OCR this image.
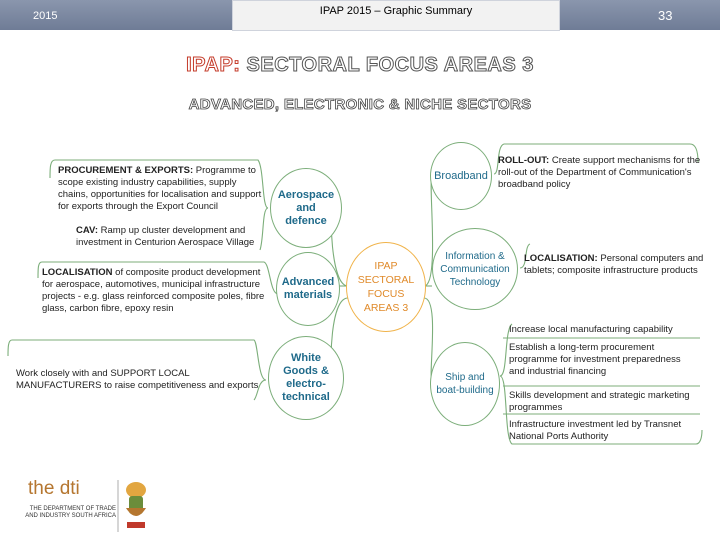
2015	IPAP 2015 – Graphic Summary	33
IPAP: SECTORAL FOCUS AREAS 3
ADVANCED, ELECTRONIC & NICHE SECTORS
Aerospace
and
defence
Advanced
materials
White
Goods &
electro-
technical
IPAP
SECTORAL
FOCUS
AREAS 3
Broadband
Information &
Communication
Technology
Ship and
boat-building
PROCUREMENT & EXPORTS: Programme to scope existing industry capabilities, supply chains, opportunities for localisation and support for exports through the Export Council
CAV: Ramp up cluster development and investment in Centurion Aerospace Village
LOCALISATION of composite product development for aerospace, automotives, municipal infrastructure projects - e.g. glass reinforced composite poles, fibre glass, carbon fibre, epoxy resin
Work closely with and SUPPORT LOCAL MANUFACTURERS to raise competitiveness and exports
ROLL-OUT: Create support mechanisms for the roll-out of the Department of Communication's broadband policy
LOCALISATION: Personal computers and tablets; composite infrastructure products
Increase local manufacturing capability
Establish a long-term procurement programme for investment preparedness and industrial financing
Skills development and strategic marketing programmes
Infrastructure investment led by Transnet National Ports Authority
the dti
THE DEPARTMENT OF TRADE AND INDUSTRY SOUTH AFRICA
